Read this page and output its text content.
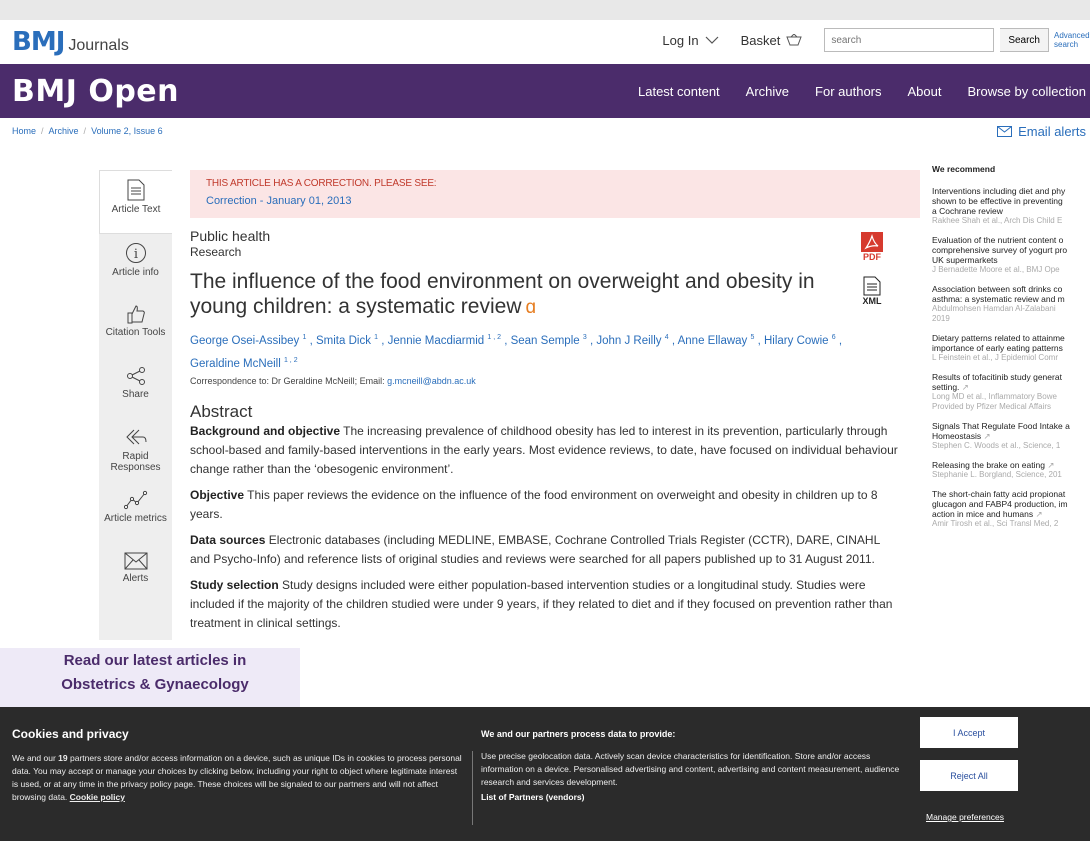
BMJ Journals	Log In	Basket
search	Search	Advanced search
BMJ Open	Latest content Archive For authors About Browse by collection
Home / Archive / Volume 2, Issue 6	Email alerts
Article Text
i
Article info
Citation Tools
Share
Rapid Responses
Article metrics
Alerts
THIS ARTICLE HAS A CORRECTION. PLEASE SEE:
Correction - January 01, 2013
Public health
Research
The influence of the food environment on overweight and obesity in young children: a systematic review ɑ
George Osei-Assibey $^1$ , Smita Dick $^1$ , Jennie Macdiarmid $^{1 , 2}$ , Sean Semple $^3$ , John J Reilly $^4$ , Anne Ellaway $^5$ , Hilary Cowie $^6$ ,
Geraldine McNeill $^{1 , 2}$
Correspondence to: Dr Geraldine McNeill; Email: g.mcneill@abdn.ac.uk
Abstract

Background and objective The increasing prevalence of childhood obesity has led to interest in its prevention, particularly through school-based and family-based interventions in the early years. Most evidence reviews, to date, have focused on individual behaviour change rather than the ‘obesogenic environment’.

Objective This paper reviews the evidence on the influence of the food environment on overweight and obesity in children up to 8 years.

Data sources Electronic databases (including MEDLINE, EMBASE, Cochrane Controlled Trials Register (CCTR), DARE, CINAHL and Psycho-Info) and reference lists of original studies and reviews were searched for all papers published up to 31 August 2011.

Study selection Study designs included were either population-based intervention studies or a longitudinal study. Studies were included if the majority of the children studied were under 9 years, if they related to diet and if they focused on prevention rather than treatment in clinical settings.

PDF
XML
We recommend
Interventions including diet and phy
shown to be effective in preventing
a Cochrane review
Rakhee Shah et al., Arch Dis Child E
Evaluation of the nutrient content o
comprehensive survey of yogurt pro
UK supermarkets
J Bernadette Moore et al., BMJ Ope
Association between soft drinks co
asthma: a systematic review and m
Abdulmohsen Hamdan Al-Zalabani
2019
Dietary patterns related to attainme
importance of early eating patterns
L Feinstein et al., J Epidemiol Comr
Results of tofacitinib study generat
setting. ↗
Long MD et al., Inflammatory Bowe
Provided by Pfizer Medical Affairs
Signals That Regulate Food Intake a
Homeostasis ↗
Stephen C. Woods et al., Science, 1
Releasing the brake on eating ↗
Stephanie L. Borgland, Science, 201
The short-chain fatty acid propionat
glucagon and FABP4 production, im
action in mice and humans ↗
Amir Tirosh et al., Sci Transl Med, 2
Read our latest articles in
Obstetrics & Gynaecology
Cookies and privacy

We and our 19 partners store and/or access information on a device, such as unique IDs in cookies to process personal data. You may accept or manage your choices by clicking below, including your right to object where legitimate interest is used, or at any time in the privacy policy page. These choices will be signaled to our partners and will not affect browsing data. Cookie policy

We and our partners process data to provide:

Use precise geolocation data. Actively scan device characteristics for identification. Store and/or access information on a device. Personalised advertising and content, advertising and content measurement, audience research and services development.

List of Partners (vendors)
I Accept
Reject All
Manage preferences
